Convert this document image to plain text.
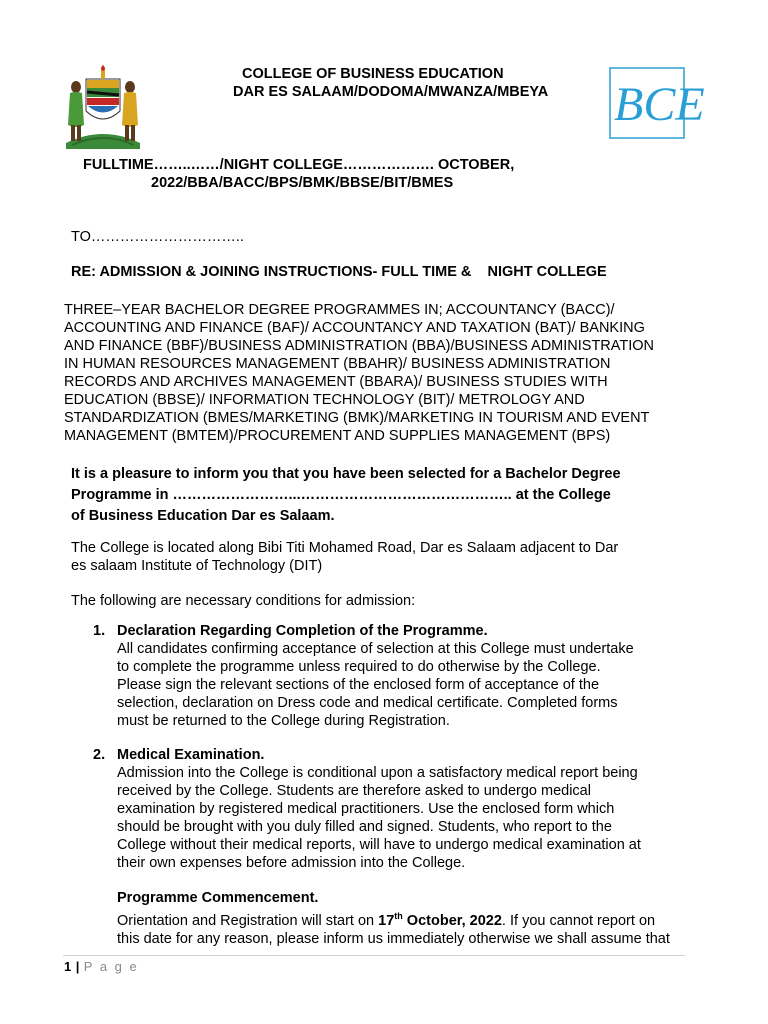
COLLEGE OF BUSINESS EDUCATION
DAR ES SALAAM/DODOMA/MWANZA/MBEYA BCE
FULLTIME……..……/NIGHT COLLEGE………………. OCTOBER,
2022/BBA/BACC/BPS/BMK/BBSE/BIT/BMES
TO…………………………..
RE: ADMISSION & JOINING INSTRUCTIONS- FULL TIME &    NIGHT COLLEGE
THREE–YEAR BACHELOR DEGREE PROGRAMMES IN; ACCOUNTANCY (BACC)/
ACCOUNTING AND FINANCE (BAF)/ ACCOUNTANCY AND TAXATION (BAT)/ BANKING
AND FINANCE (BBF)/BUSINESS ADMINISTRATION (BBA)/BUSINESS ADMINISTRATION
IN HUMAN RESOURCES MANAGEMENT (BBAHR)/ BUSINESS ADMINISTRATION
RECORDS AND ARCHIVES MANAGEMENT (BBARA)/ BUSINESS STUDIES WITH
EDUCATION (BBSE)/ INFORMATION TECHNOLOGY (BIT)/ METROLOGY AND
STANDARDIZATION (BMES/MARKETING (BMK)/MARKETING IN TOURISM AND EVENT
MANAGEMENT (BMTEM)/PROCUREMENT AND SUPPLIES MANAGEMENT (BPS)
It is a pleasure to inform you that you have been selected for a Bachelor Degree
Programme in ……………………...…………………………………….. at the College
of Business Education Dar es Salaam.
The College is located along Bibi Titi Mohamed Road, Dar es Salaam adjacent to Dar
es salaam Institute of Technology (DIT)
The following are necessary conditions for admission:
1. Declaration Regarding Completion of the Programme.
All candidates confirming acceptance of selection at this College must undertake
to complete the programme unless required to do otherwise by the College.
Please sign the relevant sections of the enclosed form of acceptance of the
selection, declaration on Dress code and medical certificate. Completed forms
must be returned to the College during Registration.
2. Medical Examination.
Admission into the College is conditional upon a satisfactory medical report being
received by the College. Students are therefore asked to undergo medical
examination by registered medical practitioners. Use the enclosed form which
should be brought with you duly filled and signed. Students, who report to the
College without their medical reports, will have to undergo medical examination at
their own expenses before admission into the College.
Programme Commencement.
Orientation and Registration will start on 17th October, 2022. If you cannot report on
this date for any reason, please inform us immediately otherwise we shall assume that
1 | P a g e
